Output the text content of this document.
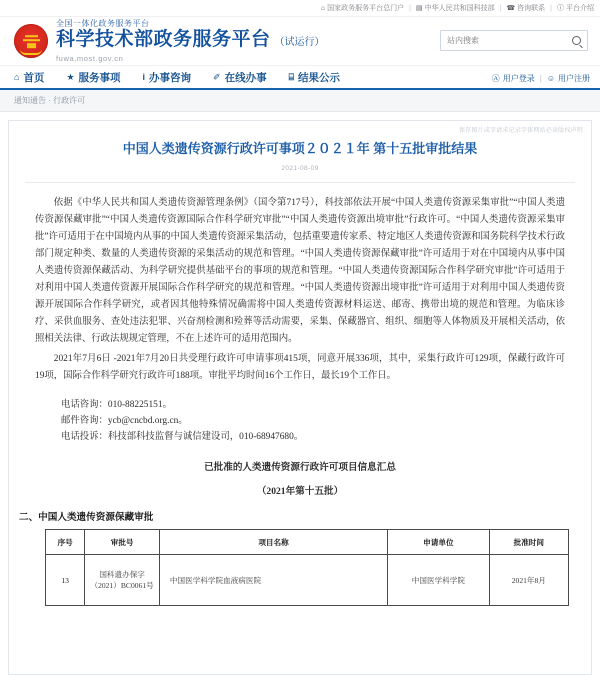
⌂ 国家政务服务平台总门户 | ▤ 中华人民共和国科技部 | ☎ 咨询联系 | ⓘ 平台介绍
全国一体化政务服务平台
科学技术部政务服务平台 （试运行）
fuwa.most.gov.cn
站内搜索
⌂ 首页 ★ 服务事项 i 办事咨询 ✐ 在线办事 ⌸ 结果公示	Ⓐ 用户登录 | ☺ 用户注册
通知通告 · 行政许可
保存图片或字请求记录字体网站必读版权声明
中国人类遗传资源行政许可事项２０２１年 第十五批审批结果
2021-08-09

依据《中华人民共和国人类遗传资源管理条例》（国令第717号），科技部依法开展“中国人类遗传资源采集审批”“中国人类遗传资源保藏审批”“中国人类遗传资源国际合作科学研究审批”“中国人类遗传资源出境审批”行政许可。“中国人类遗传资源采集审批”许可适用于在中国境内从事的中国人类遗传资源采集活动，包括重要遗传家系、特定地区人类遗传资源和国务院科学技术行政部门规定种类、数量的人类遗传资源的采集活动的规范和管理。“中国人类遗传资源保藏审批”许可适用于对在中国境内从事中国人类遗传资源保藏活动、为科学研究提供基础平台的事项的规范和管理。“中国人类遗传资源国际合作科学研究审批”许可适用于对利用中国人类遗传资源开展国际合作科学研究的规范和管理。“中国人类遗传资源出境审批”许可适用于对利用中国人类遗传资源开展国际合作科学研究，或者因其他特殊情况确需将中国人类遗传资源材料运送、邮寄、携带出境的规范和管理。为临床诊疗、采供血服务、查处违法犯罪、兴奋剂检测和殓葬等活动需要，采集、保藏器官、组织、细胞等人体物质及开展相关活动，依照相关法律、行政法规规定管理，不在上述许可的适用范围内。

2021年7月6日 -2021年7月20日共受理行政许可申请事项415项，同意开展336项，其中，采集行政许可129项，保藏行政许可19项，国际合作科学研究行政许可188项。审批平均时间16个工作日，最长19个工作日。

电话咨询：010-88225151。
邮件咨询：ycb@cncbd.org.cn。
电话投诉：科技部科技监督与诚信建设司，010-68947680。
已批准的人类遗传资源行政许可项目信息汇总
（2021年第十五批）
二、中国人类遗传资源保藏审批
序号	审批号	项目名称	申请单位	批准时间
13	国科遗办保字
（2021）BC0061号	中国医学科学院血液病医院	中国医学科学院	2021年8月
